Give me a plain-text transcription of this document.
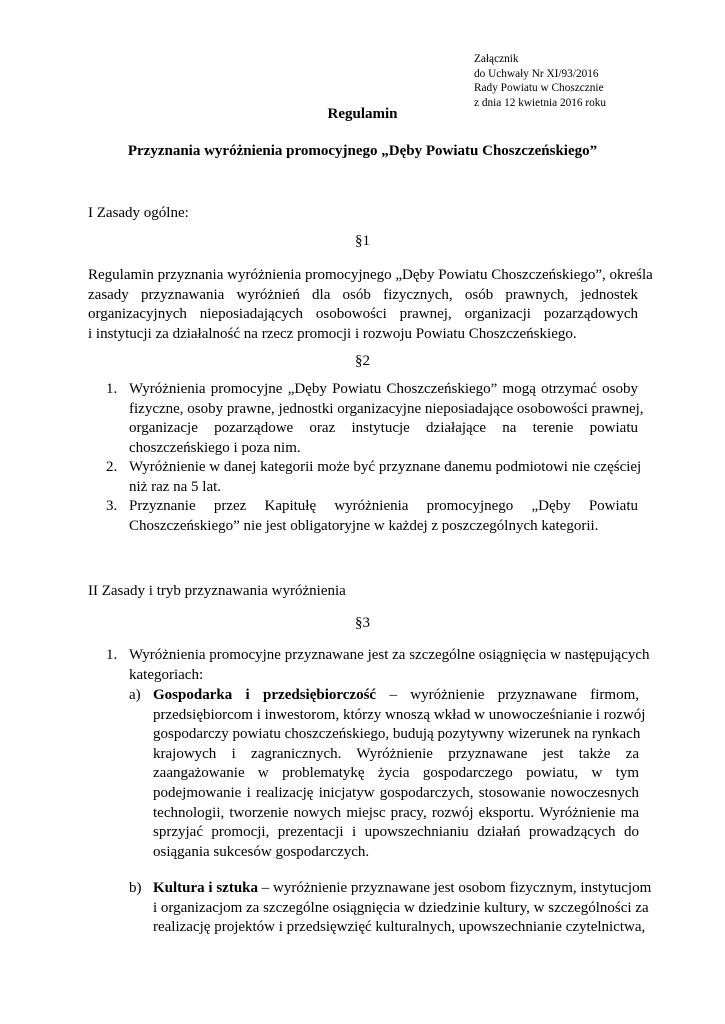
Załącznik
do Uchwały Nr XI/93/2016
Rady Powiatu w Choszcznie
z dnia 12 kwietnia 2016 roku
Regulamin
Przyznania wyróżnienia promocyjnego „Dęby Powiatu Choszczeńskiego”
I Zasady ogólne:
§1
Regulamin przyznania wyróżnienia promocyjnego „Dęby Powiatu Choszczeńskiego”, określa
zasady przyznawania wyróżnień dla osób fizycznych, osób prawnych, jednostek
organizacyjnych nieposiadających osobowości prawnej, organizacji pozarządowych
i instytucji za działalność na rzecz promocji i rozwoju Powiatu Choszczeńskiego.
§2
1. Wyróżnienia promocyjne „Dęby Powiatu Choszczeńskiego” mogą otrzymać osoby
fizyczne, osoby prawne, jednostki organizacyjne nieposiadające osobowości prawnej,
organizacje pozarządowe oraz instytucje działające na terenie powiatu
choszczeńskiego i poza nim.
2. Wyróżnienie w danej kategorii może być przyznane danemu podmiotowi nie częściej
niż raz na 5 lat.
3. Przyznanie przez Kapitułę wyróżnienia promocyjnego „Dęby Powiatu
Choszczeńskiego” nie jest obligatoryjne w każdej z poszczególnych kategorii.
II Zasady i tryb przyznawania wyróżnienia
§3
1. Wyróżnienia promocyjne przyznawane jest za szczególne osiągnięcia w następujących
kategoriach:
a) Gospodarka i przedsiębiorczość – wyróżnienie przyznawane firmom,
przedsiębiorcom i inwestorom, którzy wnoszą wkład w unowocześnianie i rozwój
gospodarczy powiatu choszczeńskiego, budują pozytywny wizerunek na rynkach
krajowych i zagranicznych. Wyróżnienie przyznawane jest także za
zaangażowanie w problematykę życia gospodarczego powiatu, w tym
podejmowanie i realizację inicjatyw gospodarczych, stosowanie nowoczesnych
technologii, tworzenie nowych miejsc pracy, rozwój eksportu. Wyróżnienie ma
sprzyjać promocji, prezentacji i upowszechnianiu działań prowadzących do
osiągania sukcesów gospodarczych.
b) Kultura i sztuka – wyróżnienie przyznawane jest osobom fizycznym, instytucjom
i organizacjom za szczególne osiągnięcia w dziedzinie kultury, w szczególności za
realizację projektów i przedsięwzięć kulturalnych, upowszechnianie czytelnictwa,
